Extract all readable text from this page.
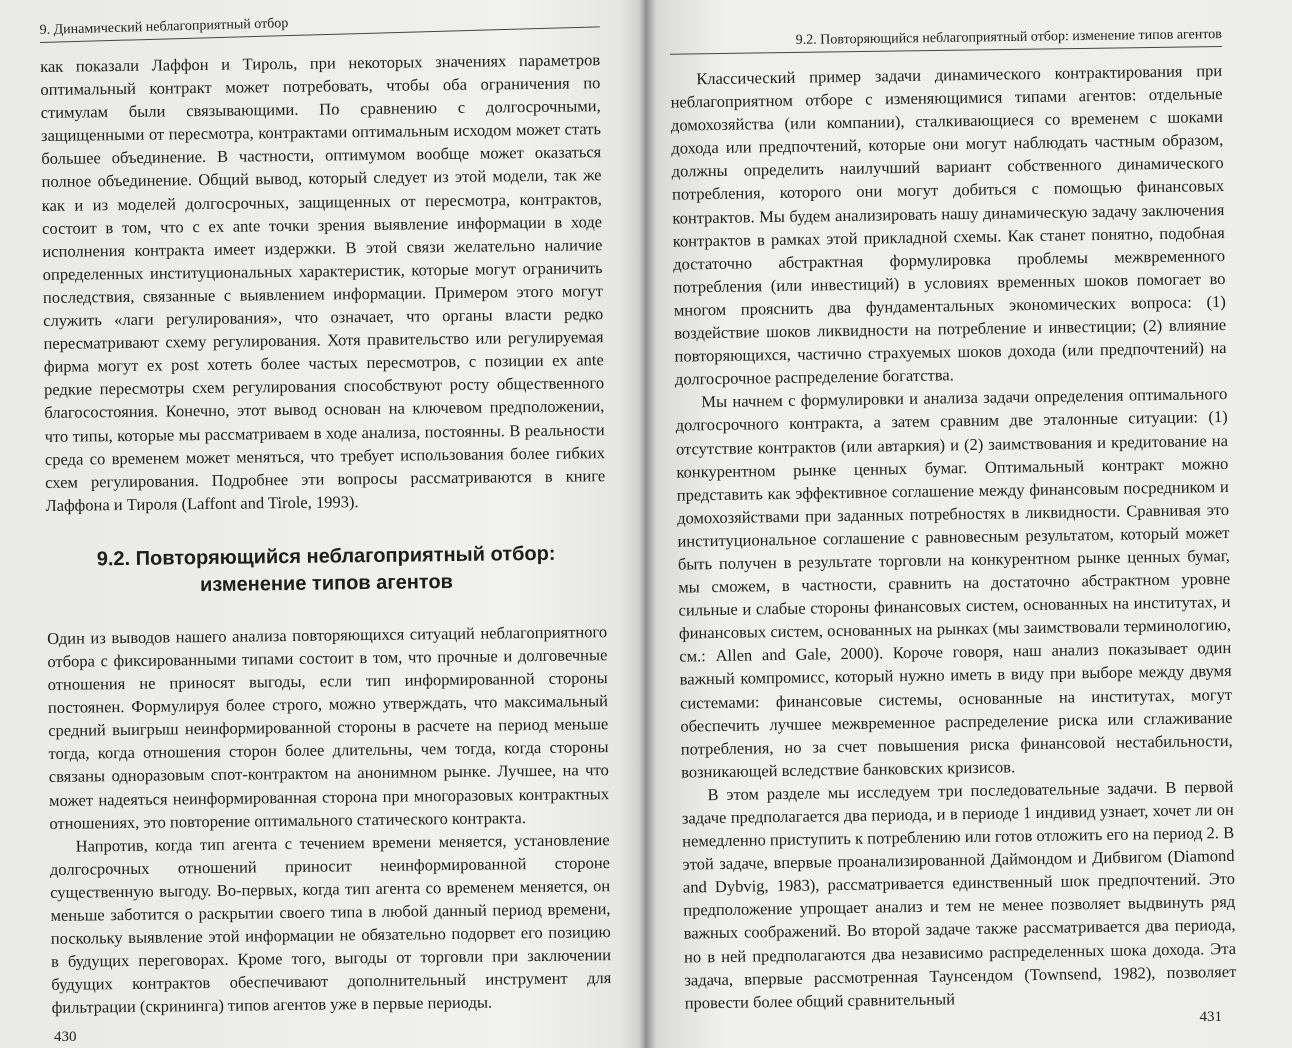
9. Динамический неблагоприятный отбор

как показали Лаффон и Тироль, при некоторых значениях параметров оптимальный контракт может потребовать, чтобы оба ограничения по стимулам были связывающими. По сравнению с долгосрочными, защищенными от пересмотра, контрактами оптимальным исходом может стать большее объединение. В частности, оптимумом вообще может оказаться полное объединение. Общий вывод, который следует из этой модели, так же как и из моделей долгосрочных, защищенных от пересмотра, контрактов, состоит в том, что с ex ante точки зрения выявление информации в ходе исполнения контракта имеет издержки. В этой связи желательно наличие определенных институциональных характеристик, которые могут ограничить последствия, связанные с выявлением информации. Примером этого могут служить «лаги регулирования», что означает, что органы власти редко пересматривают схему регулирования. Хотя правительство или регулируемая фирма могут ex post хотеть более частых пересмотров, с позиции ex ante редкие пересмотры схем регулирования способствуют росту общественного благосостояния. Конечно, этот вывод основан на ключевом предположении, что типы, которые мы рассматриваем в ходе анализа, постоянны. В реальности среда со временем может меняться, что требует использования более гибких схем регулирования. Подробнее эти вопросы рассматриваются в книге Лаффона и Тироля (Laffont and Tirole, 1993).

9.2. Повторяющийся неблагоприятный отбор:
изменение типов агентов

Один из выводов нашего анализа повторяющихся ситуаций неблагоприятного отбора с фиксированными типами состоит в том, что прочные и долговечные отношения не приносят выгоды, если тип информированной стороны постоянен. Формулируя более строго, можно утверждать, что максимальный средний выигрыш неинформированной стороны в расчете на период меньше тогда, когда отношения сторон более длительны, чем тогда, когда стороны связаны одноразовым спот-контрактом на анонимном рынке. Лучшее, на что может надеяться неинформированная сторона при многоразовых контрактных отношениях, это повторение оптимального статического контракта.

Напротив, когда тип агента с течением времени меняется, установление долгосрочных отношений приносит неинформированной стороне существенную выгоду. Во-первых, когда тип агента со временем меняется, он меньше заботится о раскрытии своего типа в любой данный период времени, поскольку выявление этой информации не обязательно подорвет его позицию в будущих переговорах. Кроме того, выгоды от торговли при заключении будущих контрактов обеспечивают дополнительный инструмент для фильтрации (скрининга) типов агентов уже в первые периоды.

430
9.2. Повторяющийся неблагоприятный отбор: изменение типов агентов

Классический пример задачи динамического контрактирования при неблагоприятном отборе с изменяющимися типами агентов: отдельные домохозяйства (или компании), сталкивающиеся со временем с шоками дохода или предпочтений, которые они могут наблюдать частным образом, должны определить наилучший вариант собственного динамического потребления, которого они могут добиться с помощью финансовых контрактов. Мы будем анализировать нашу динамическую задачу заключения контрактов в рамках этой прикладной схемы. Как станет понятно, подобная достаточно абстрактная формулировка проблемы межвременного потребления (или инвестиций) в условиях временных шоков помогает во многом прояснить два фундаментальных экономических вопроса: (1) воздействие шоков ликвидности на потребление и инвестиции; (2) влияние повторяющихся, частично страхуемых шоков дохода (или предпочтений) на долгосрочное распределение богатства.

Мы начнем с формулировки и анализа задачи определения оптимального долгосрочного контракта, а затем сравним две эталонные ситуации: (1) отсутствие контрактов (или автаркия) и (2) заимствования и кредитование на конкурентном рынке ценных бумаг. Оптимальный контракт можно представить как эффективное соглашение между финансовым посредником и домохозяйствами при заданных потребностях в ликвидности. Сравнивая это институциональное соглашение с равновесным результатом, который может быть получен в результате торговли на конкурентном рынке ценных бумаг, мы сможем, в частности, сравнить на достаточно абстрактном уровне сильные и слабые стороны финансовых систем, основанных на институтах, и финансовых систем, основанных на рынках (мы заимствовали терминологию, см.: Allen and Gale, 2000). Короче говоря, наш анализ показывает один важный компромисс, который нужно иметь в виду при выборе между двумя системами: финансовые системы, основанные на институтах, могут обеспечить лучшее межвременное распределение риска или сглаживание потребления, но за счет повышения риска финансовой нестабильности, возникающей вследствие банковских кризисов.

В этом разделе мы исследуем три последовательные задачи. В первой задаче предполагается два периода, и в периоде 1 индивид узнает, хочет ли он немедленно приступить к потреблению или готов отложить его на период 2. В этой задаче, впервые проанализированной Даймондом и Дибвигом (Diamond and Dybvig, 1983), рассматривается единственный шок предпочтений. Это предположение упрощает анализ и тем не менее позволяет выдвинуть ряд важных соображений. Во второй задаче также рассматривается два периода, но в ней предполагаются два независимо распределенных шока дохода. Эта задача, впервые рассмотренная Таунсендом (Townsend, 1982), позволяет провести более общий сравнительный

431
